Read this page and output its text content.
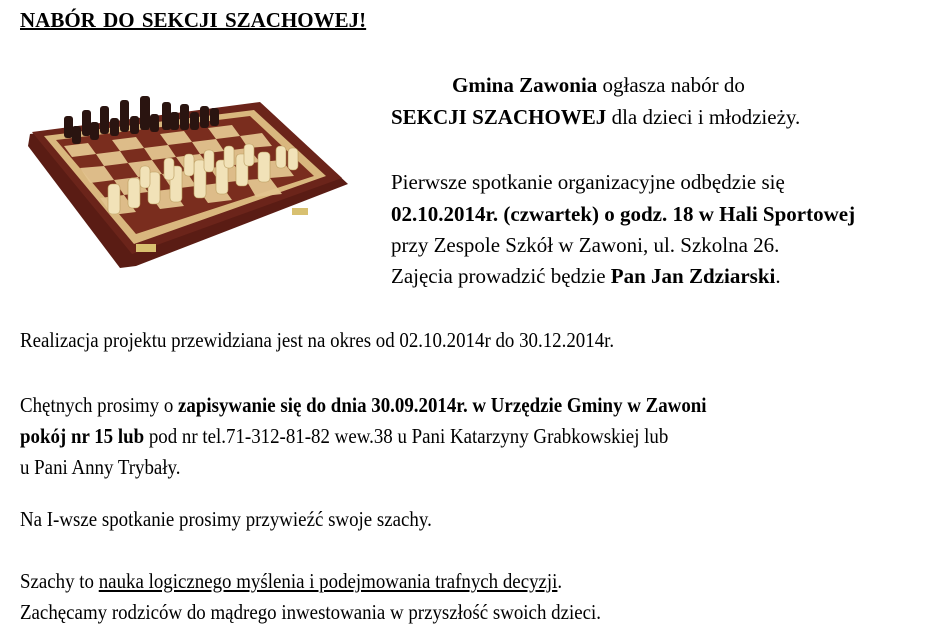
NABÓR DO SEKCJI SZACHOWEJ!
Gmina Zawonia ogłasza nabór do
SEKCJI SZACHOWEJ dla dzieci i młodzieży.
Pierwsze spotkanie organizacyjne odbędzie się
02.10.2014r. (czwartek) o godz. 18 w Hali Sportowej
przy Zespole Szkół w Zawoni, ul. Szkolna 26.
Zajęcia prowadzić będzie Pan Jan Zdziarski.
Realizacja projektu przewidziana jest na okres od 02.10.2014r do 30.12.2014r.
Chętnych prosimy o zapisywanie się do dnia 30.09.2014r. w Urzędzie Gminy w Zawoni
pokój nr 15 lub pod nr tel.71-312-81-82 wew.38 u Pani Katarzyny Grabkowskiej lub
u Pani Anny Trybały.
Na I-wsze spotkanie prosimy przywieźć swoje szachy.
Szachy to nauka logicznego myślenia i podejmowania trafnych decyzji.
Zachęcamy rodziców do mądrego inwestowania w przyszłość swoich dzieci.
